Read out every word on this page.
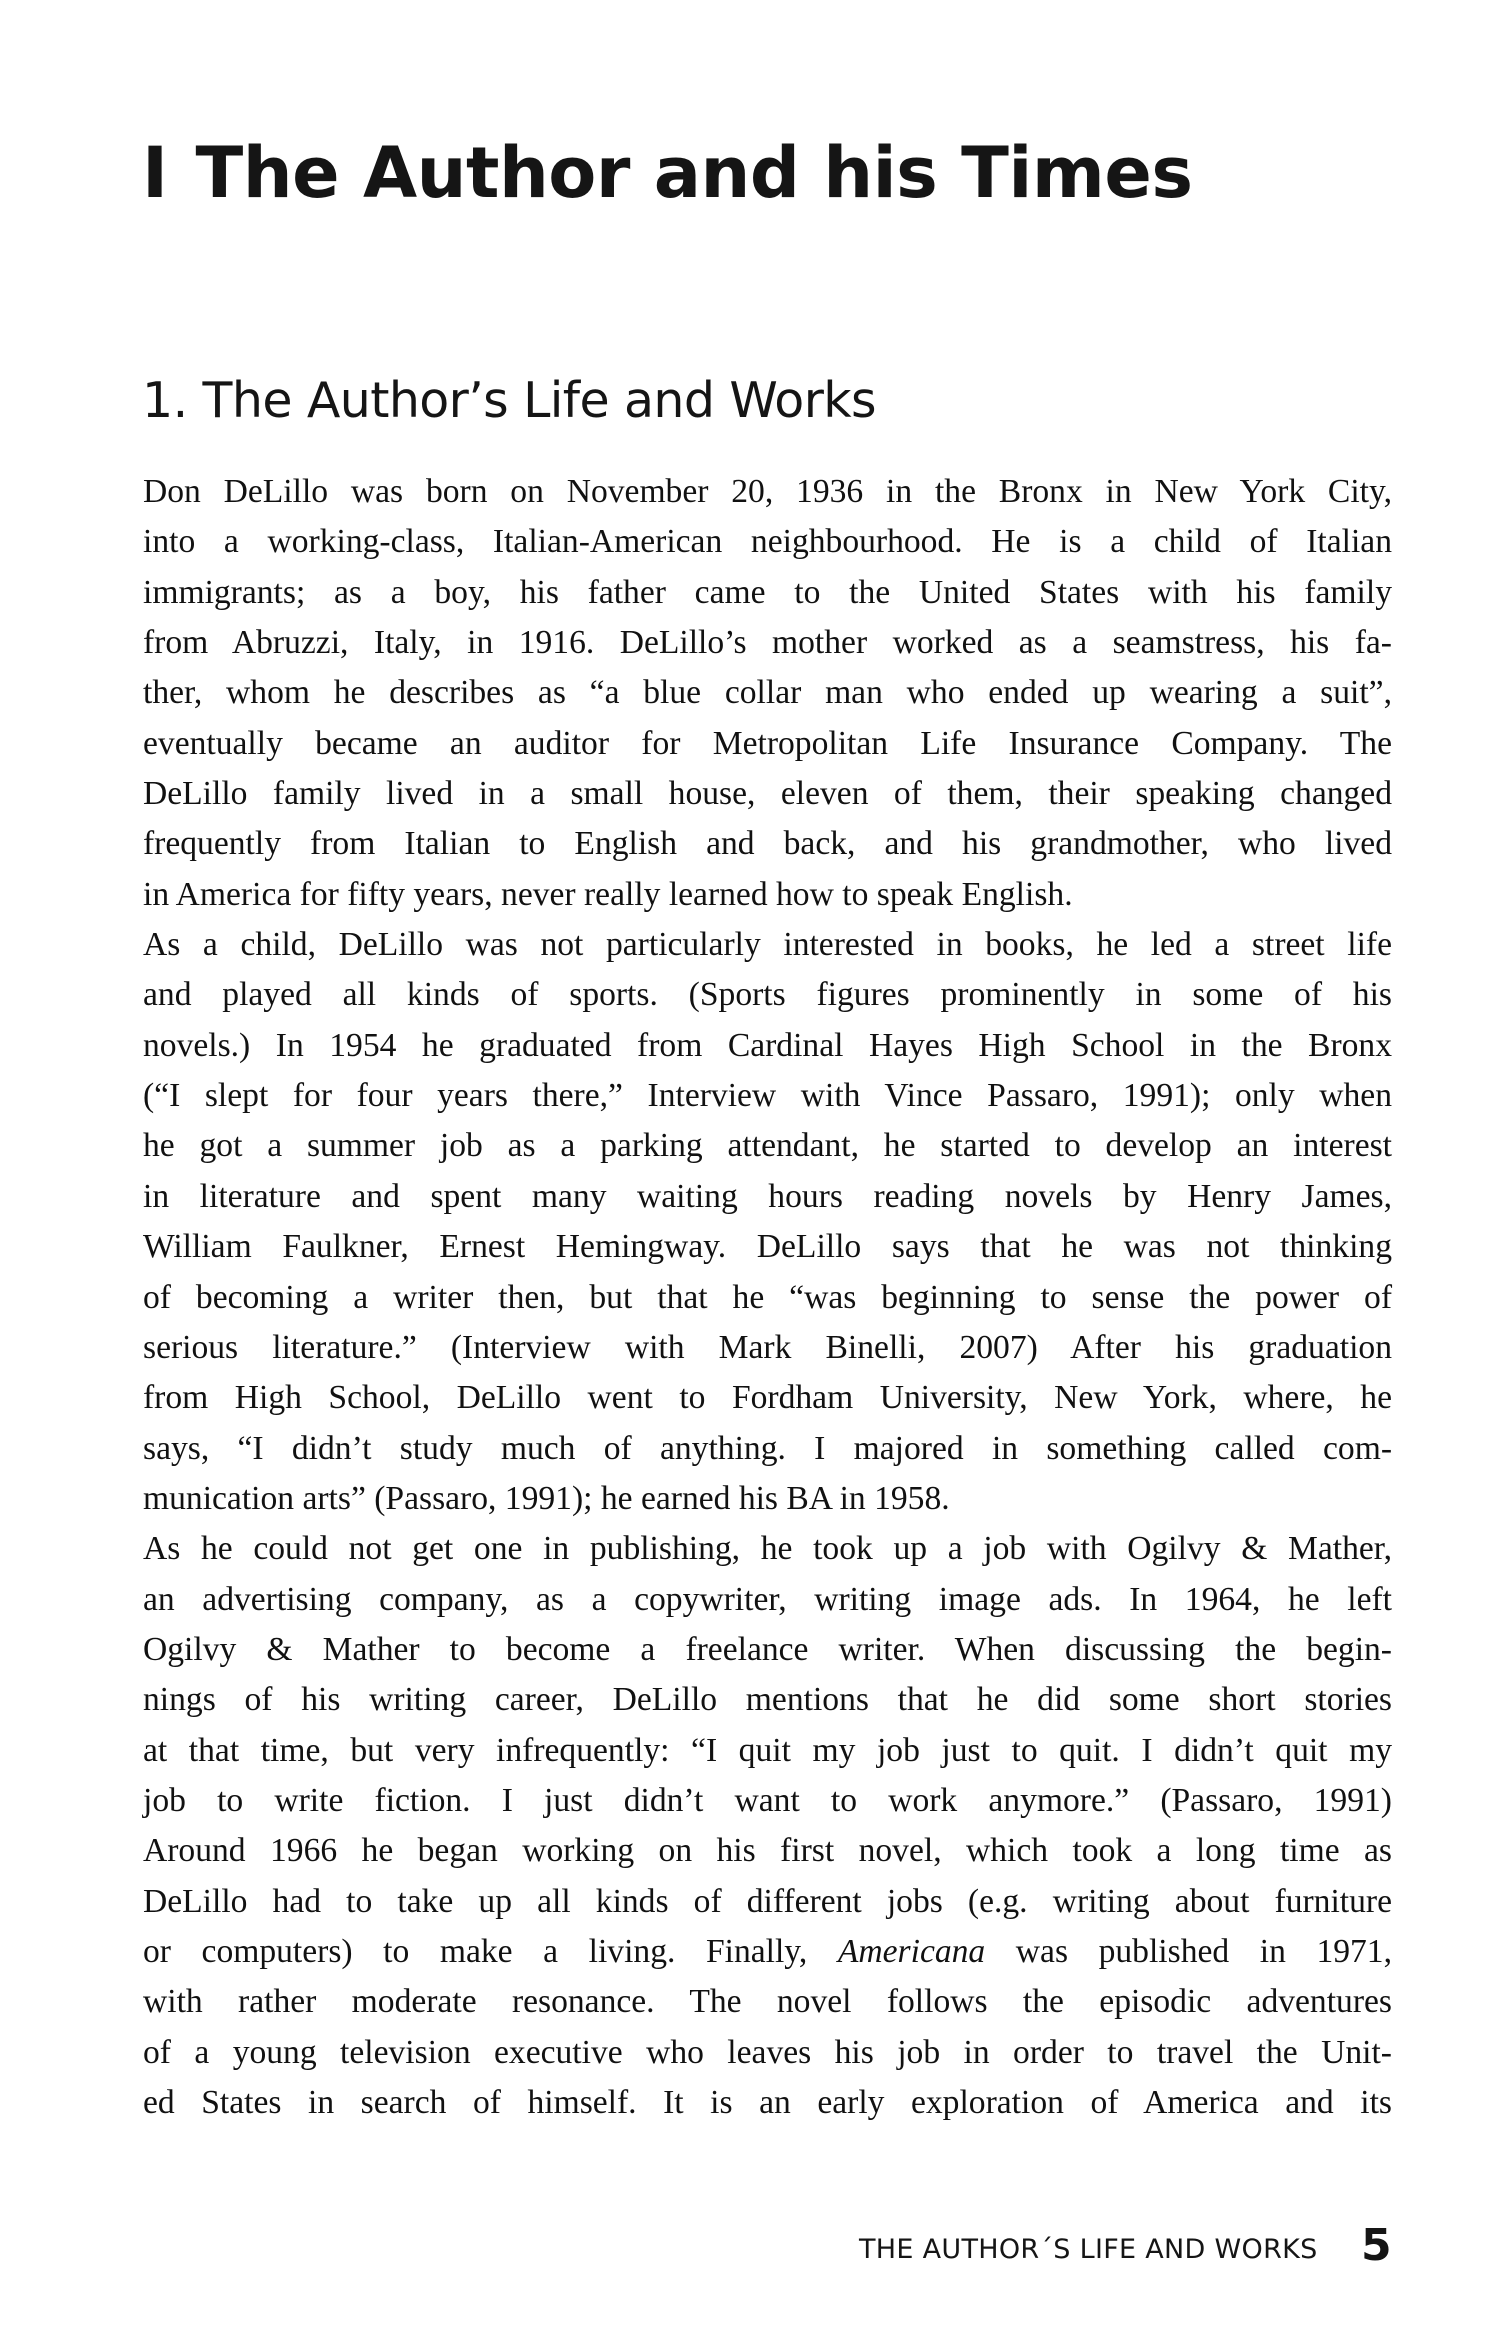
I The Author and his Times
1. The Author’s Life and Works
Don DeLillo was born on November 20, 1936 in the Bronx in New York City,
into a working-class, Italian-American neighbourhood. He is a child of Italian
immigrants; as a boy, his father came to the United States with his family
from Abruzzi, Italy, in 1916. DeLillo’s mother worked as a seamstress, his fa-
ther, whom he describes as “a blue collar man who ended up wearing a suit”,
eventually became an auditor for Metropolitan Life Insurance Company. The
DeLillo family lived in a small house, eleven of them, their speaking changed
frequently from Italian to English and back, and his grandmother, who lived
in America for fifty years, never really learned how to speak English.
As a child, DeLillo was not particularly interested in books, he led a street life
and played all kinds of sports. (Sports figures prominently in some of his
novels.) In 1954 he graduated from Cardinal Hayes High School in the Bronx
(“I slept for four years there,” Interview with Vince Passaro, 1991); only when
he got a summer job as a parking attendant, he started to develop an interest
in literature and spent many waiting hours reading novels by Henry James,
William Faulkner, Ernest Hemingway. DeLillo says that he was not thinking
of becoming a writer then, but that he “was beginning to sense the power of
serious literature.” (Interview with Mark Binelli, 2007) After his graduation
from High School, DeLillo went to Fordham University, New York, where, he
says, “I didn’t study much of anything. I majored in something called com-
munication arts” (Passaro, 1991); he earned his BA in 1958.
As he could not get one in publishing, he took up a job with Ogilvy & Mather,
an advertising company, as a copywriter, writing image ads. In 1964, he left
Ogilvy & Mather to become a freelance writer. When discussing the begin-
nings of his writing career, DeLillo mentions that he did some short stories
at that time, but very infrequently: “I quit my job just to quit. I didn’t quit my
job to write fiction. I just didn’t want to work anymore.” (Passaro, 1991)
Around 1966 he began working on his first novel, which took a long time as
DeLillo had to take up all kinds of different jobs (e.g. writing about furniture
or computers) to make a living. Finally, Americana was published in 1971,
with rather moderate resonance. The novel follows the episodic adventures
of a young television executive who leaves his job in order to travel the Unit-
ed States in search of himself. It is an early exploration of America and its
THE AUTHOR´S LIFE AND WORKS 5
